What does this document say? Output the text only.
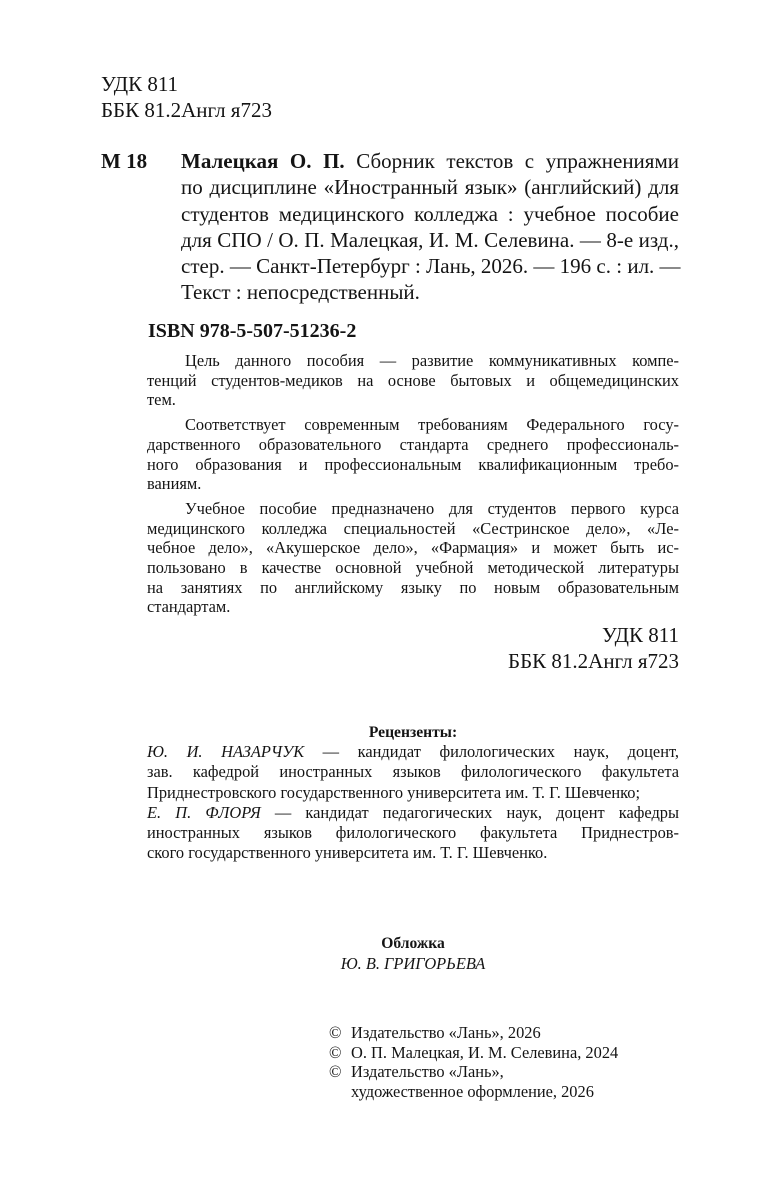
УДК 811
ББК 81.2Англ я723
М 18 Малецкая О. П. Сборник текстов с упражнениями
по дисциплине «Иностранный язык» (английский) для
студентов медицинского колледжа : учебное пособие
для СПО / О. П. Малецкая, И. М. Селевина. — 8-е изд.,
стер. — Санкт-Петербург : Лань, 2026. — 196 с. : ил. —
Текст : непосредственный.
ISBN 978-5-507-51236-2
Цель данного пособия — развитие коммуникативных компе-
тенций студентов-медиков на основе бытовых и общемедицинских
тем.
Соответствует современным требованиям Федерального госу-
дарственного образовательного стандарта среднего профессиональ-
ного образования и профессиональным квалификационным требо-
ваниям.
Учебное пособие предназначено для студентов первого курса
медицинского колледжа специальностей «Сестринское дело», «Ле-
чебное дело», «Акушерское дело», «Фармация» и может быть ис-
пользовано в качестве основной учебной методической литературы
на занятиях по английскому языку по новым образовательным
стандартам.
УДК 811
ББК 81.2Англ я723
Рецензенты:
Ю. И. НАЗАРЧУК — кандидат филологических наук, доцент,
зав. кафедрой иностранных языков филологического факультета
Приднестровского государственного университета им. Т. Г. Шевченко;
Е. П. ФЛОРЯ — кандидат педагогических наук, доцент кафедры
иностранных языков филологического факультета Приднестров-
ского государственного университета им. Т. Г. Шевченко.
Обложка
Ю. В. ГРИГОРЬЕВА
© Издательство «Лань», 2026
© О. П. Малецкая, И. М. Селевина, 2024
© Издательство «Лань»,
художественное оформление, 2026
